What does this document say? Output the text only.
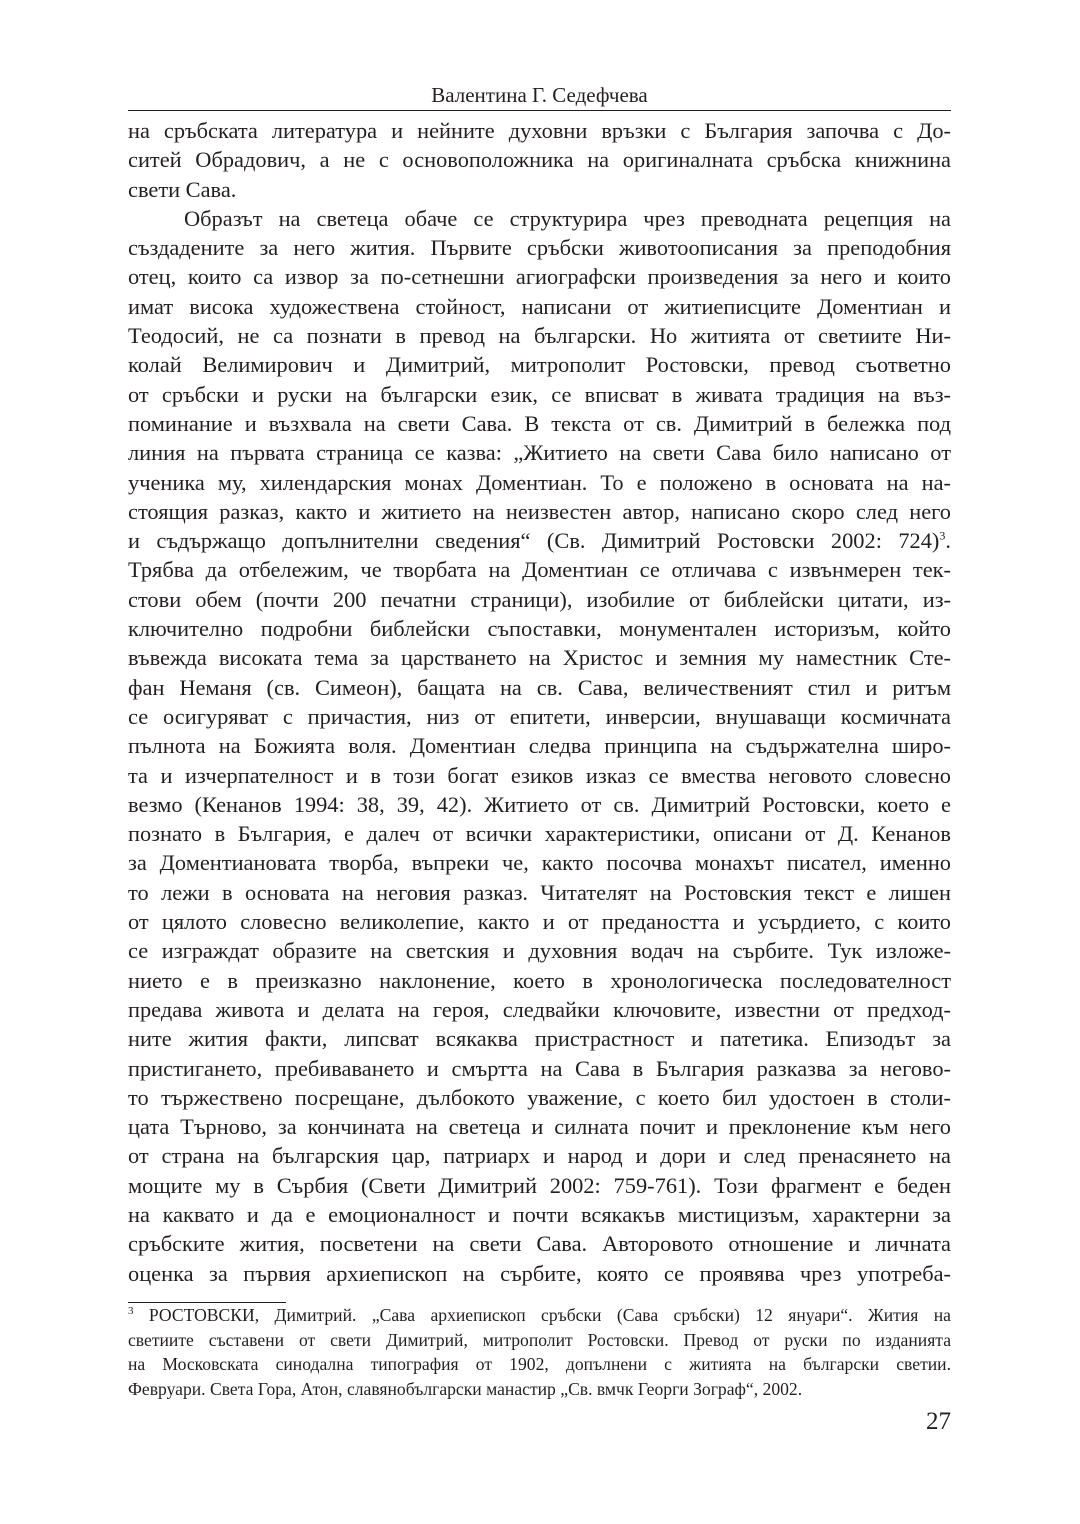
Валентина Г. Седефчева
на сръбската литература и нейните духовни връзки с България започва с До-
ситей Обрадович, а не с основоположника на оригиналната сръбска книжнина
свети Сава.
Образът на светеца обаче се структурира чрез преводната рецепция на
създадените за него жития. Първите сръбски животоописания за преподобния
отец, които са извор за по-сетнешни агиографски произведения за него и които
имат висока художествена стойност, написани от житиеписците Доментиан и
Теодосий, не са познати в превод на български. Но житията от светиите Ни-
колай Велимирович и Димитрий, митрополит Ростовски, превод съответно
от сръбски и руски на български език, се вписват в живата традиция на въз-
поминание и възхвала на свети Сава. В текста от св. Димитрий в бележка под
линия на първата страница се казва: „Житието на свети Сава било написано от
ученика му, хилендарския монах Доментиан. То е положено в основата на на-
стоящия разказ, както и житието на неизвестен автор, написано скоро след него
и съдържащо допълнителни сведения“ (Св. Димитрий Ростовски 2002: 724)$^3$.
Трябва да отбележим, че творбата на Доментиан се отличава с извънмерен тек-
стови обем (почти 200 печатни страници), изобилие от библейски цитати, из-
ключително подробни библейски съпоставки, монументален историзъм, който
въвежда високата тема за царстването на Христос и земния му наместник Сте-
фан Неманя (св. Симеон), бащата на св. Сава, величественият стил и ритъм
се осигуряват с причастия, низ от епитети, инверсии, внушаващи космичната
пълнота на Божията воля. Доментиан следва принципа на съдържателна широ-
та и изчерпателност и в този богат езиков изказ се вмества неговото словесно
везмо (Кенанов 1994: 38, 39, 42). Житието от св. Димитрий Ростовски, което е
познато в България, е далеч от всички характеристики, описани от Д. Кенанов
за Доментиановата творба, въпреки че, както посочва монахът писател, именно
то лежи в основата на неговия разказ. Читателят на Ростовския текст е лишен
от цялото словесно великолепие, както и от предаността и усърдието, с които
се изграждат образите на светския и духовния водач на сърбите. Тук изложе-
нието е в преизказно наклонение, което в хронологическа последователност
предава живота и делата на героя, следвайки ключовите, известни от предход-
ните жития факти, липсват всякаква пристрастност и патетика. Епизодът за
пристигането, пребиваването и смъртта на Сава в България разказва за негово-
то тържествено посрещане, дълбокото уважение, с което бил удостоен в столи-
цата Търново, за кончината на светеца и силната почит и преклонение към него
от страна на българския цар, патриарх и народ и дори и след пренасянето на
мощите му в Сърбия (Свети Димитрий 2002: 759-761). Този фрагмент е беден
на каквато и да е емоционалност и почти всякакъв мистицизъм, характерни за
сръбските жития, посветени на свети Сава. Авторовото отношение и личната
оценка за първия архиепископ на сърбите, която се проявява чрез употреба-
$^3$ РОСТОВСКИ, Димитрий. „Сава архиепископ сръбски (Сава сръбски) 12 януари“. Жития на
светиите съставени от свети Димитрий, митрополит Ростовски. Превод от руски по изданията
на Московската синодална типография от 1902, допълнени с житията на български светии.
Февруари. Света Гора, Атон, славянобългарски манастир „Св. вмчк Георги Зограф“, 2002.
27
